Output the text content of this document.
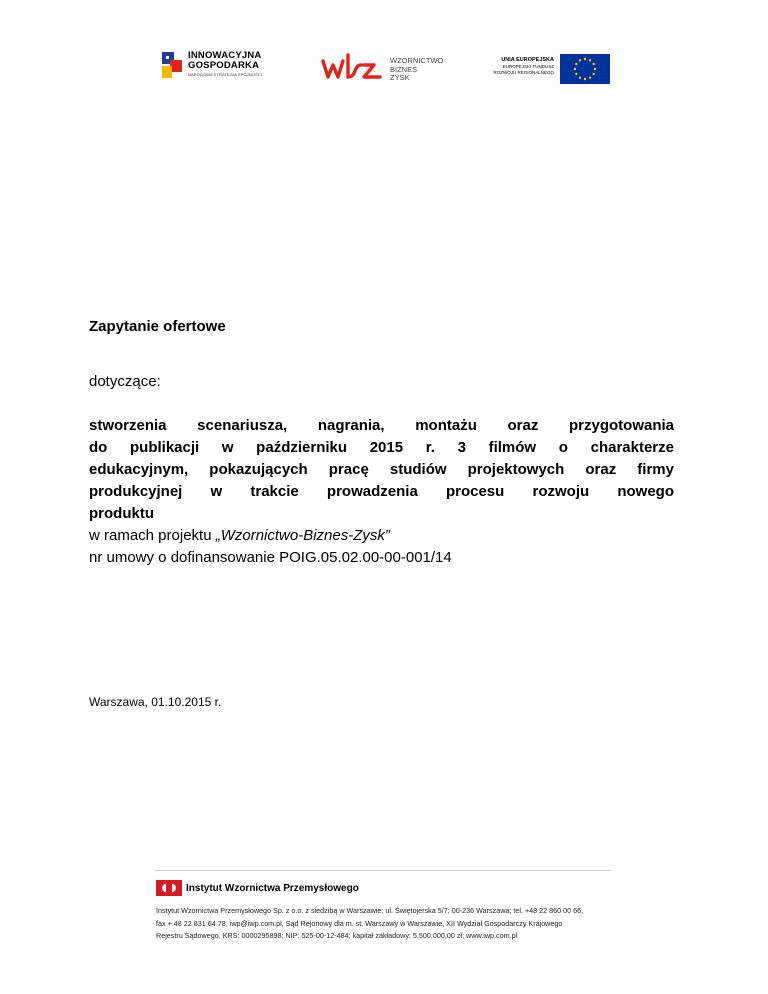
INNOWACYJNA
GOSPODARKA
NARODOWA STRATEGIA SPÓJNOŚCI
WZORNICTWO
BIZNES
ZYSK
UNIA EUROPEJSKA
EUROPEJSKI FUNDUSZ
ROZWOJU REGIONALNEGO
Zapytanie ofertowe
dotyczące:
stworzenia scenariusza, nagrania, montażu oraz przygotowania
do publikacji w październiku 2015 r. 3 filmów o charakterze
edukacyjnym, pokazujących pracę studiów projektowych oraz firmy
produkcyjnej w trakcie prowadzenia procesu rozwoju nowego
produktu
w ramach projektu „Wzornictwo-Biznes-Zysk”
nr umowy o dofinansowanie POIG.05.02.00-00-001/14
Warszawa, 01.10.2015 r.
Instytut Wzornictwa Przemysłowego
Instytut Wzornictwa Przemysłowego Sp. z o.o. z siedzibą w Warszawie; ul. Świętojerska 5/7; 00-236 Warszawa; tel. +48 22 860 00 66,
fax + 48 22 831 64 78, iwp@iwp.com.pl, Sąd Rejonowy dla m. st. Warszawy w Warszawie, XII Wydział Gospodarczy Krajowego
Rejestru Sądowego, KRS: 0000295898; NIP: 525-00-12-484; kapitał zakładowy: 5.500.000,00 zł; www.iwp.com.pl
